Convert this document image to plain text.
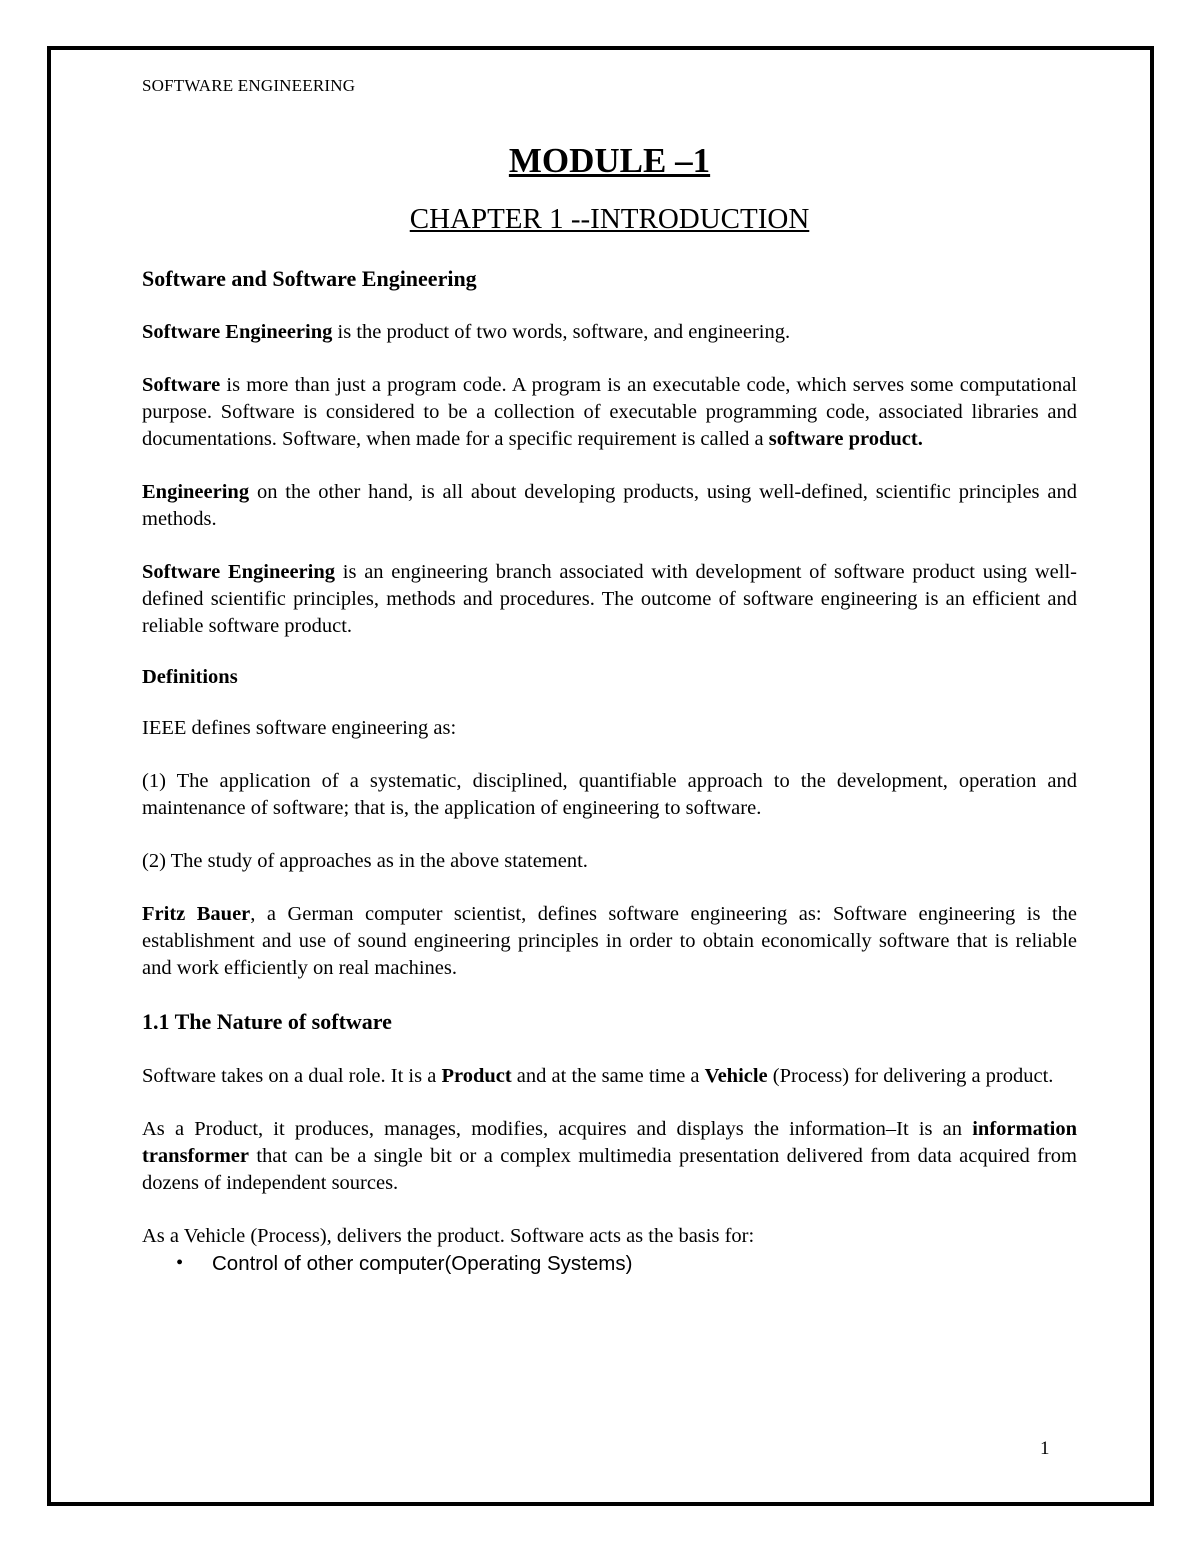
SOFTWARE ENGINEERING
MODULE –1
CHAPTER 1 --INTRODUCTION
Software and Software Engineering

Software Engineering is the product of two words, software, and engineering.

Software is more than just a program code. A program is an executable code, which serves some computational purpose. Software is considered to be a collection of executable programming code, associated libraries and documentations. Software, when made for a specific requirement is called a software product.

Engineering on the other hand, is all about developing products, using well-defined, scientific principles and methods.

Software Engineering is an engineering branch associated with development of software product using well-defined scientific principles, methods and procedures. The outcome of software engineering is an efficient and reliable software product.

Definitions

IEEE defines software engineering as:

(1) The application of a systematic, disciplined, quantifiable approach to the development, operation and maintenance of software; that is, the application of engineering to software.

(2) The study of approaches as in the above statement.

Fritz Bauer, a German computer scientist, defines software engineering as: Software engineering is the establishment and use of sound engineering principles in order to obtain economically software that is reliable and work efficiently on real machines.

1.1 The Nature of software

Software takes on a dual role. It is a Product and at the same time a Vehicle (Process) for delivering a product.

As a Product, it produces, manages, modifies, acquires and displays the information–It is an information transformer that can be a single bit or a complex multimedia presentation delivered from data acquired from dozens of independent sources.

As a Vehicle (Process), delivers the product. Software acts as the basis for:

• Control of other computer(Operating Systems)
1
